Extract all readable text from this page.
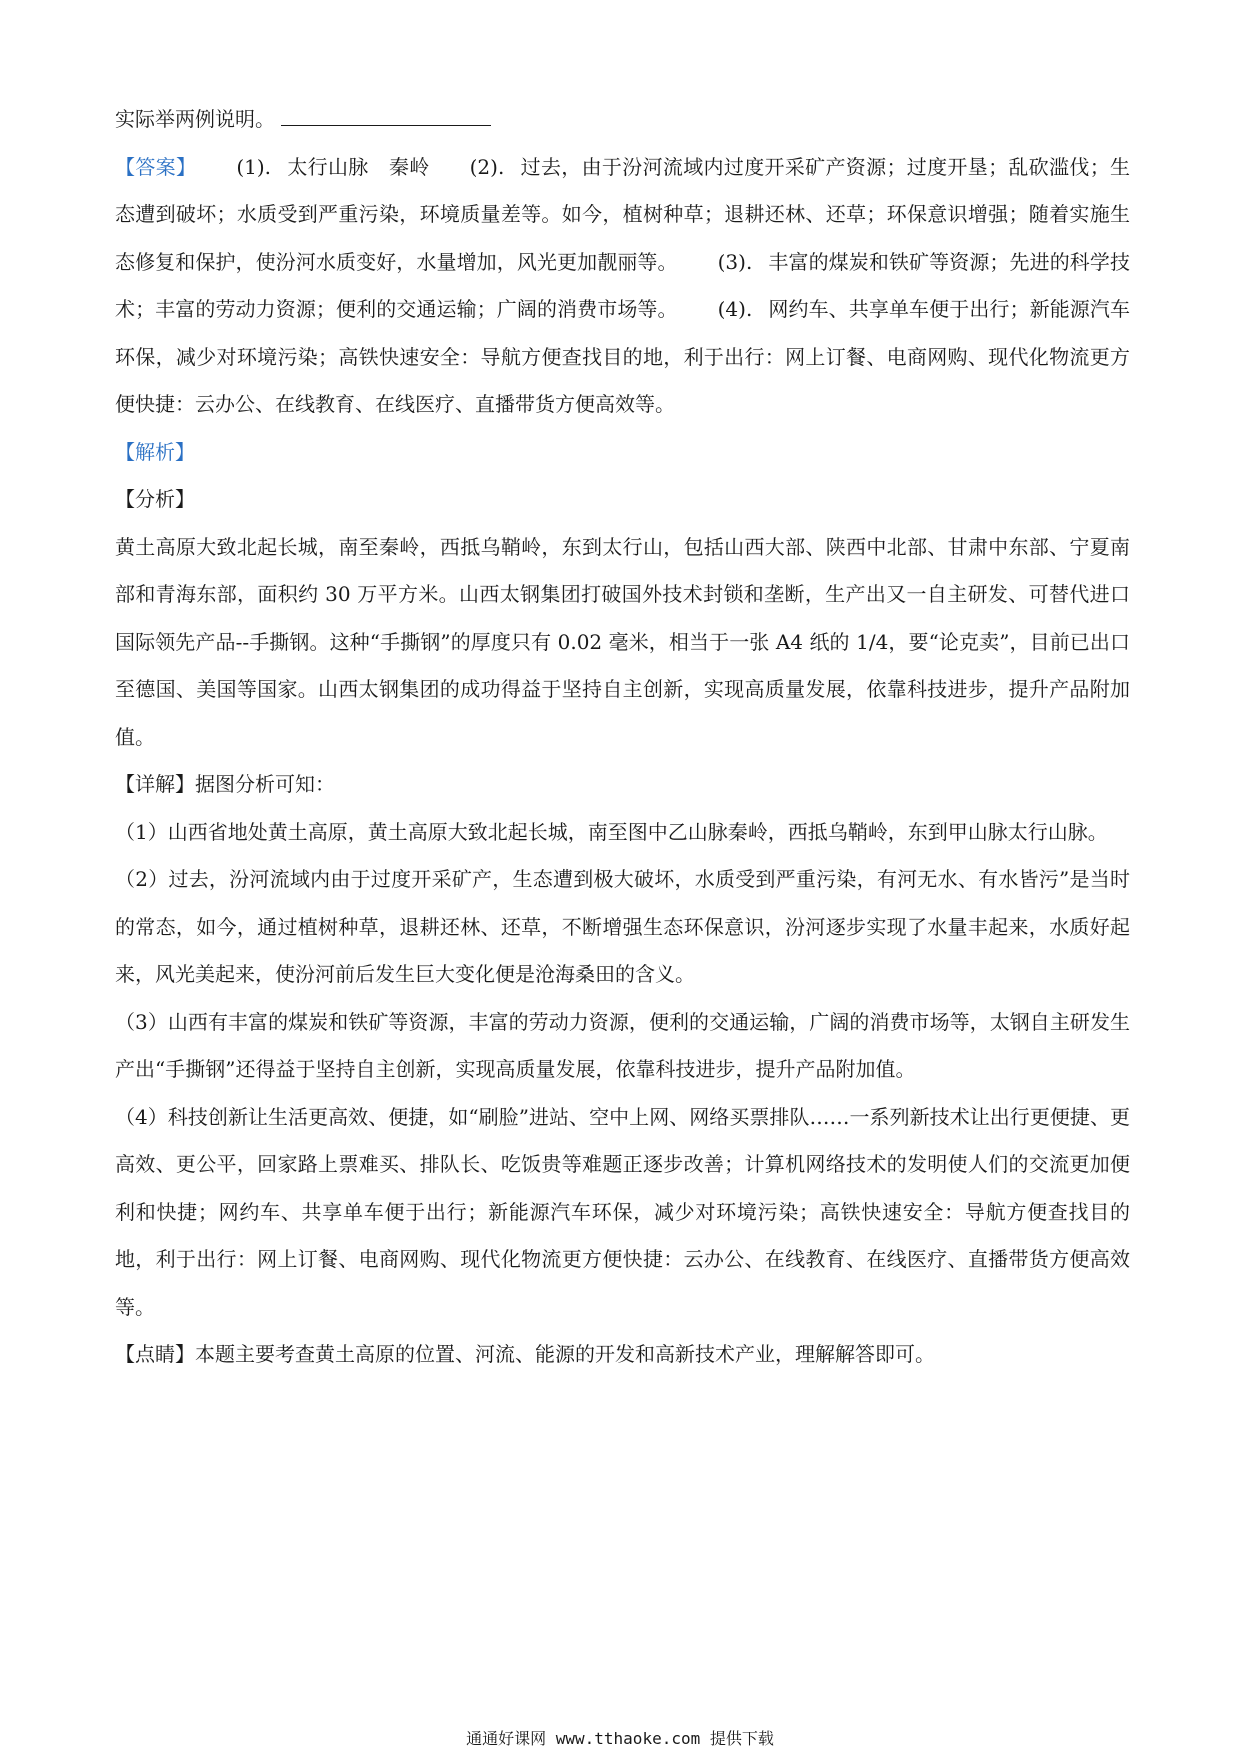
实际举两例说明。

【答案】 (1). 太行山脉　秦岭 (2). 过去，由于汾河流域内过度开采矿产资源；过度开垦；乱砍滥伐；生态遭到破坏；水质受到严重污染，环境质量差等。如今，植树种草；退耕还林、还草；环保意识增强；随着实施生态修复和保护，使汾河水质变好，水量增加，风光更加靓丽等。 (3). 丰富的煤炭和铁矿等资源；先进的科学技术；丰富的劳动力资源；便利的交通运输；广阔的消费市场等。 (4). 网约车、共享单车便于出行；新能源汽车环保，减少对环境污染；高铁快速安全：导航方便查找目的地，利于出行：网上订餐、电商网购、现代化物流更方便快捷：云办公、在线教育、在线医疗、直播带货方便高效等。

【解析】

【分析】

黄土高原大致北起长城，南至秦岭，西抵乌鞘岭，东到太行山，包括山西大部、陕西中北部、甘肃中东部、宁夏南部和青海东部，面积约 30 万平方米。山西太钢集团打破国外技术封锁和垄断，生产出又一自主研发、可替代进口　国际领先产品--手撕钢。这种“手撕钢”的厚度只有 0.02 毫米，相当于一张 A4 纸的 1/4，要“论克卖”，目前已出口至德国、美国等国家。山西太钢集团的成功得益于坚持自主创新，实现高质量发展，依靠科技进步，提升产品附加值。

【详解】据图分析可知：

（1）山西省地处黄土高原，黄土高原大致北起长城，南至图中乙山脉秦岭，西抵乌鞘岭，东到甲山脉太行山脉。

（2）过去，汾河流域内由于过度开采矿产，生态遭到极大破坏，水质受到严重污染，有河无水、有水皆污”是当时的常态，如今，通过植树种草，退耕还林、还草，不断增强生态环保意识，汾河逐步实现了水量丰起来，水质好起来，风光美起来，使汾河前后发生巨大变化便是沧海桑田的含义。

（3）山西有丰富的煤炭和铁矿等资源，丰富的劳动力资源，便利的交通运输，广阔的消费市场等，太钢自主研发生产出“手撕钢”还得益于坚持自主创新，实现高质量发展，依靠科技进步，提升产品附加值。

（4）科技创新让生活更高效、便捷，如“刷脸”进站、空中上网、网络买票排队……一系列新技术让出行更便捷、更高效、更公平，回家路上票难买、排队长、吃饭贵等难题正逐步改善；计算机网络技术的发明使人们的交流更加便利和快捷；网约车、共享单车便于出行；新能源汽车环保，减少对环境污染；高铁快速安全：导航方便查找目的地，利于出行：网上订餐、电商网购、现代化物流更方便快捷：云办公、在线教育、在线医疗、直播带货方便高效等。

【点睛】本题主要考查黄土高原的位置、河流、能源的开发和高新技术产业，理解解答即可。

通通好课网 www.tthaoke.com 提供下载
